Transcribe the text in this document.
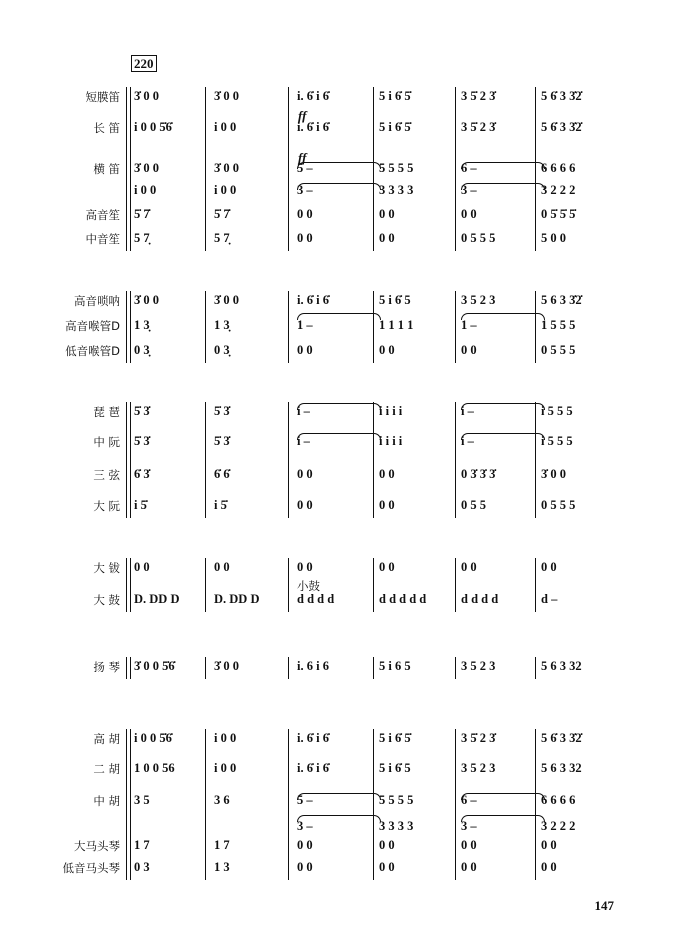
220
短膜笛 3̇ 0 0	3̇ 0 0	i. 6̇ i 6̇	5 i 6̇ 5̇	3 5̇ 2 3̇	5 6̇ 3 3̇2̇
长 笛 i 0 0 5̇6̇	i 0 0	i. 6̇ i 6̇	5 i 6̇ 5̇	3 5̇ 2 3̇	5 6̇ 3 3̇2̇
横 笛 3̇ 0 0	3̇ 0 0	5 –	5 5 5 5	6 –	6 6 6 6
i 0 0	i 0 0	3 –	3 3 3 3	3 –	3 2 2 2
高音笙 5̇ 7̇	5̇ 7̇	0 0	0 0	0 0	0 5̇ 5̇ 5̇
中音笙 5 7̣	5 7̣	0 0	0 0	0 5 5 5	5 0 0
高音唢呐 3̇ 0 0	3̇ 0 0	i. 6̇ i 6̇	5 i 6̇ 5	3 5 2 3	5 6 3 3̇2̇
高音喉管D 1 3̣	1 3̣	1 –	1 1 1 1	1 –	1 5 5 5
低音喉管D 0 3̣	0 3̣	0 0	0 0	0 0	0 5 5 5
琵 琶 5̇ 3̇	5̇ 3̇	i –	i i i i	i –	i 5 5 5
中 阮 5̇ 3̇	5̇ 3̇	i –	i i i i	i –	i 5 5 5
三 弦 6̇ 3̇	6̇ 6̇	0 0	0 0	0 3̇ 3̇ 3̇	3̇ 0 0
大 阮 i 5̇	i 5̇	0 0	0 0	0 5 5	0 5 5 5
大 钹 0 0	0 0	0 0	0 0	0 0	0 0
大 鼓 D. DD D	D. DD D	d d d d	d d d d d	d d d d	d –
扬 琴 3̇ 0 0 5̇6̇	3̇ 0 0	i. 6 i 6	5 i 6 5	3 5 2 3	5 6 3 32
高 胡 i 0 0 5̇6̇	i 0 0	i. 6̇ i 6̇	5 i 6̇ 5̇	3 5̇ 2 3̇	5 6̇ 3 3̇2̇
二 胡 1 0 0 56	i 0 0	i. 6̇ i 6̇	5 i 6̇ 5	3 5 2 3	5 6 3 32
中 胡 3 5	3 6	5 –	5 5 5 5	6 –	6 6 6 6
3 –	3 3 3 3	3 –	3 2 2 2
大马头琴 1 7	1 7	0 0	0 0	0 0	0 0
低音马头琴 0 3	1 3	0 0	0 0	0 0	0 0
ff
ff
小鼓
147
